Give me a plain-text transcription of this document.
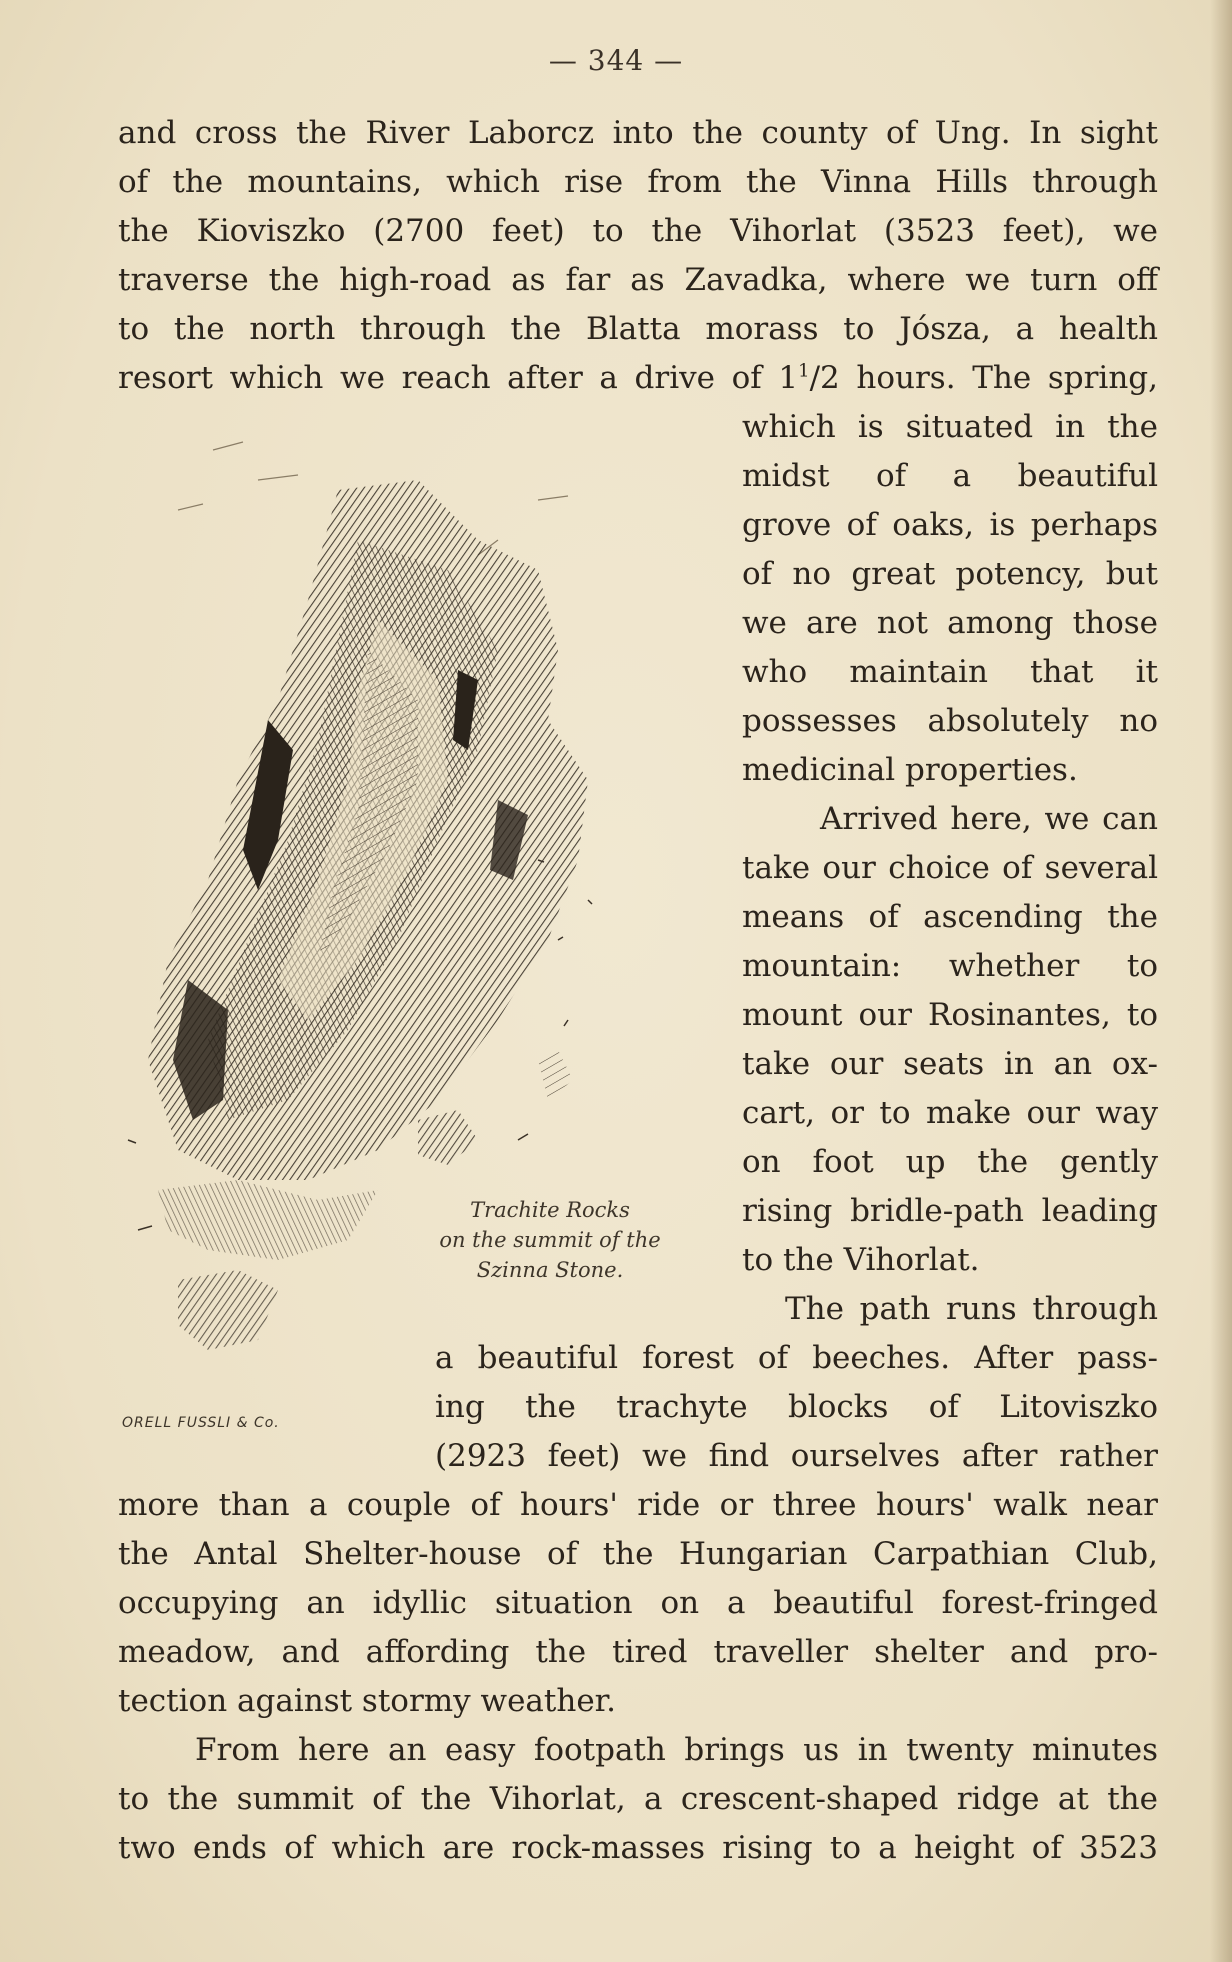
— 344 —
and cross the River Laborcz into the county of Ung. In sight
of the mountains, which rise from the Vinna Hills through
the Kioviszko (2700 feet) to the Vihorlat (3523 feet), we
traverse the high-road as far as Zavadka, where we turn off
to the north through the Blatta morass to Jósza, a health
resort which we reach after a drive of $1^1/2$ hours. The spring,
which is situated in the
midst of a beautiful
grove of oaks, is perhaps
of no great potency, but
we are not among those
who maintain that it
possesses absolutely no
medicinal properties.
Arrived here, we can
take our choice of several
means of ascending the
mountain: whether to
mount our Rosinantes, to
take our seats in an ox-
cart, or to make our way
on foot up the gently
rising bridle-path leading
to the Vihorlat.
The path runs through
a beautiful forest of beeches. After pass-
ing the trachyte blocks of Litoviszko
(2923 feet) we find ourselves after rather
more than a couple of hours' ride or three hours' walk near
the Antal Shelter-house of the Hungarian Carpathian Club,
occupying an idyllic situation on a beautiful forest-fringed
meadow, and affording the tired traveller shelter and pro-
tection against stormy weather.
From here an easy footpath brings us in twenty minutes
to the summit of the Vihorlat, a crescent-shaped ridge at the
two ends of which are rock-masses rising to a height of 3523
Trachite Rocks
on the summit of the
Szinna Stone.
ORELL FUSSLI & Co.
